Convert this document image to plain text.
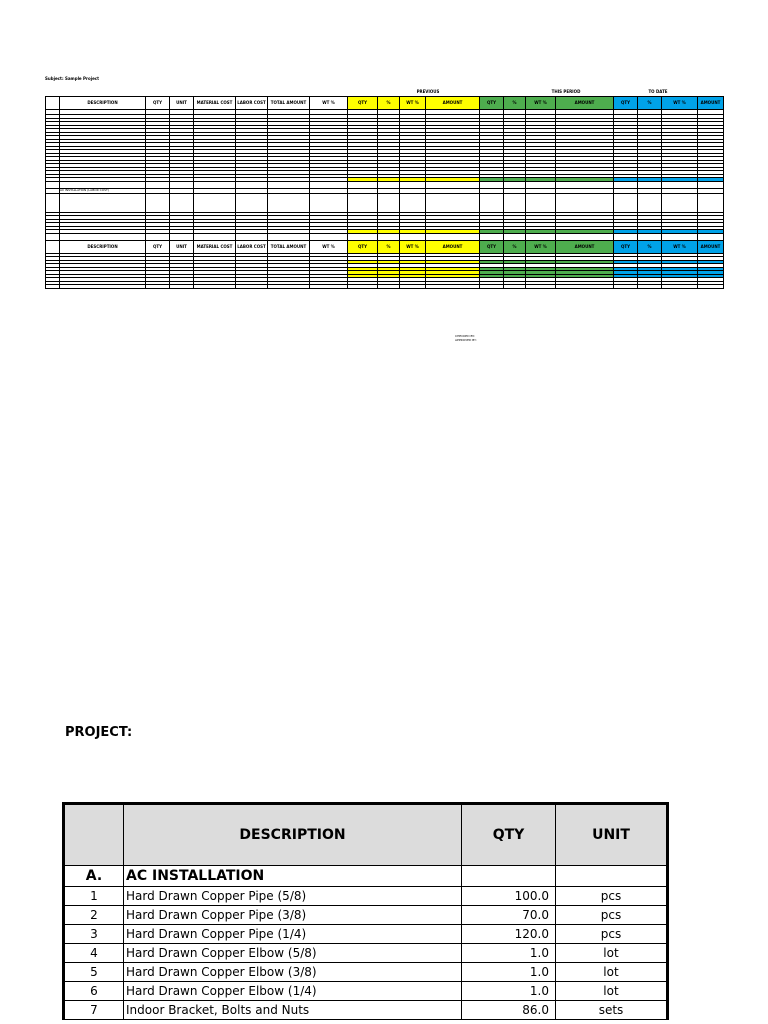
Subject: Sample Project
PREVIOUS	THIS PERIOD	TO DATE
	DESCRIPTION	QTY	UNIT	MATERIAL COST	LABOR COST	TOTAL AMOUNT	WT %	QTY	%	WT %	AMOUNT	QTY	%	WT %	AMOUNT	QTY	%	WT %	AMOUNT

	AC INSTALLATION (LABOR COST)																		

	DESCRIPTION	QTY	UNIT	MATERIAL COST	LABOR COST	TOTAL AMOUNT	WT %	QTY	%	WT %	AMOUNT	QTY	%	WT %	AMOUNT	QTY	%	WT %	AMOUNT

CHECKED BY:
APPROVED BY:
PROJECT:
	DESCRIPTION	QTY	UNIT
A.	AC INSTALLATION		
1	Hard Drawn Copper Pipe (5/8)	100.0	pcs
2	Hard Drawn Copper Pipe (3/8)	70.0	pcs
3	Hard Drawn Copper Pipe (1/4)	120.0	pcs
4	Hard Drawn Copper Elbow (5/8)	1.0	lot
5	Hard Drawn Copper Elbow (3/8)	1.0	lot
6	Hard Drawn Copper Elbow (1/4)	1.0	lot
7	Indoor Bracket, Bolts and Nuts	86.0	sets
